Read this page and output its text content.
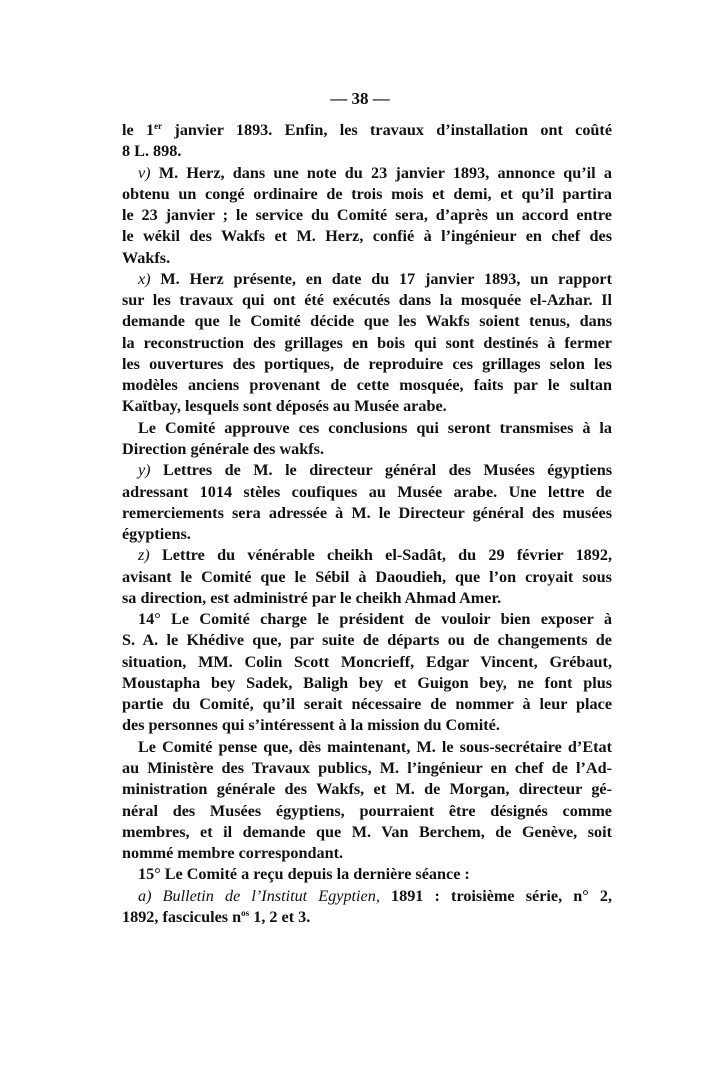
— 38 —
le 1er janvier 1893. Enfin, les travaux d’installation ont coûté
8 L. 898.
v) M. Herz, dans une note du 23 janvier 1893, annonce qu’il a
obtenu un congé ordinaire de trois mois et demi, et qu’il partira
le 23 janvier ; le service du Comité sera, d’après un accord entre
le wékil des Wakfs et M. Herz, confié à l’ingénieur en chef des
Wakfs.
x) M. Herz présente, en date du 17 janvier 1893, un rapport
sur les travaux qui ont été exécutés dans la mosquée el-Azhar. Il
demande que le Comité décide que les Wakfs soient tenus, dans
la reconstruction des grillages en bois qui sont destinés à fermer
les ouvertures des portiques, de reproduire ces grillages selon les
modèles anciens provenant de cette mosquée, faits par le sultan
Kaïtbay, lesquels sont déposés au Musée arabe.
Le Comité approuve ces conclusions qui seront transmises à la
Direction générale des wakfs.
y) Lettres de M. le directeur général des Musées égyptiens
adressant 1014 stèles coufiques au Musée arabe. Une lettre de
remerciements sera adressée à M. le Directeur général des musées
égyptiens.
z) Lettre du vénérable cheikh el-Sadât, du 29 février 1892,
avisant le Comité que le Sébil à Daoudieh, que l’on croyait sous
sa direction, est administré par le cheikh Ahmad Amer.
14° Le Comité charge le président de vouloir bien exposer à
S. A. le Khédive que, par suite de départs ou de changements de
situation, MM. Colin Scott Moncrieff, Edgar Vincent, Grébaut,
Moustapha bey Sadek, Baligh bey et Guigon bey, ne font plus
partie du Comité, qu’il serait nécessaire de nommer à leur place
des personnes qui s’intéressent à la mission du Comité.
Le Comité pense que, dès maintenant, M. le sous-secrétaire d’Etat
au Ministère des Travaux publics, M. l’ingénieur en chef de l’Ad-
ministration générale des Wakfs, et M. de Morgan, directeur gé-
néral des Musées égyptiens, pourraient être désignés comme
membres, et il demande que M. Van Berchem, de Genève, soit
nommé membre correspondant.
15° Le Comité a reçu depuis la dernière séance :
a) Bulletin de l’Institut Egyptien, 1891 : troisième série, n° 2,
1892, fascicules $n^{os}$ 1, 2 et 3.
